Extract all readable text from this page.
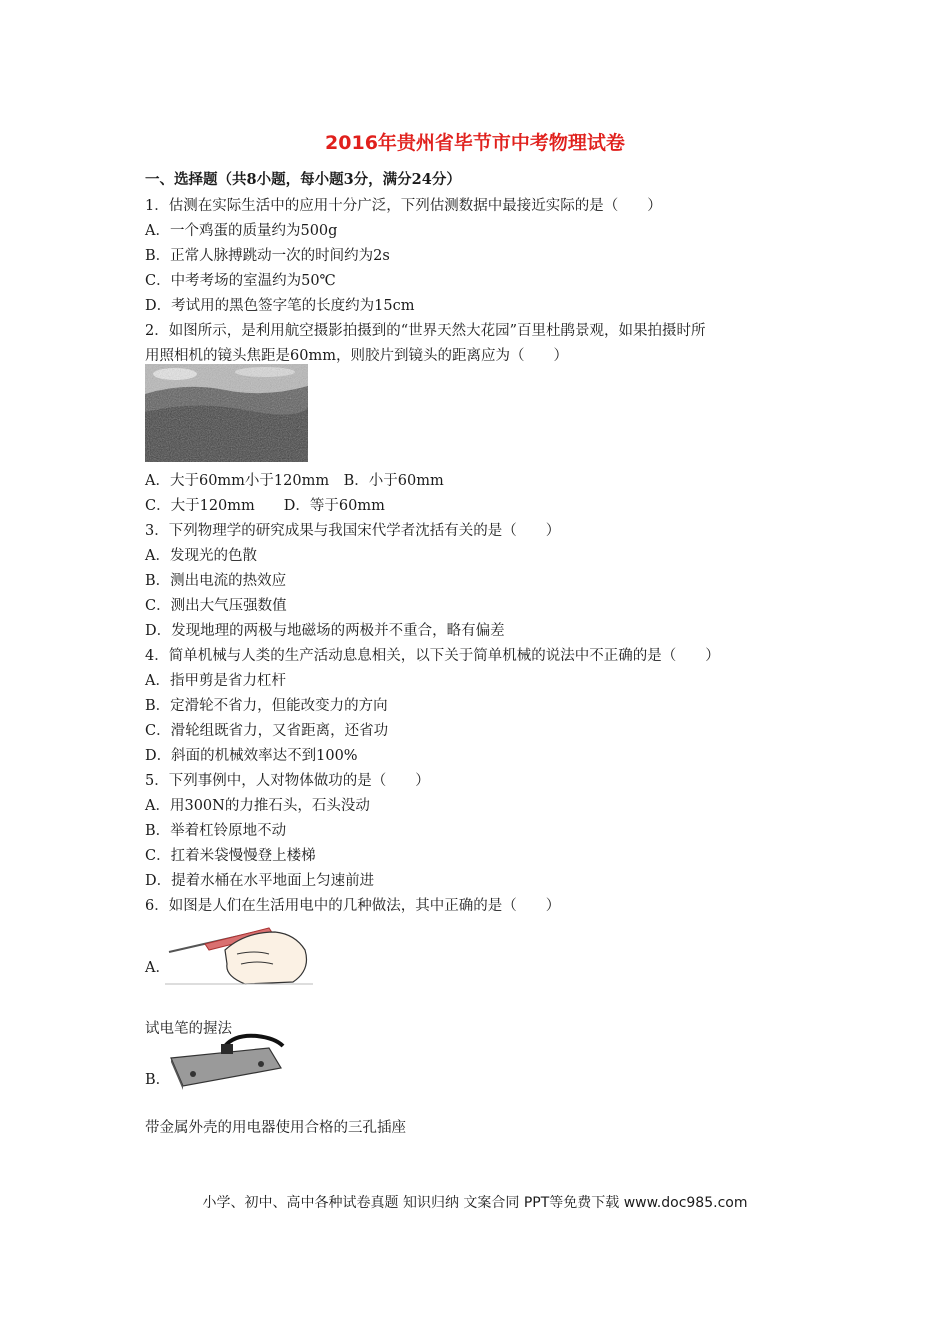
2016年贵州省毕节市中考物理试卷
一、选择题（共8小题，每小题3分，满分24分）
1．估测在实际生活中的应用十分广泛，下列估测数据中最接近实际的是（　　）
A．一个鸡蛋的质量约为500g
B．正常人脉搏跳动一次的时间约为2s
C．中考考场的室温约为50℃
D．考试用的黑色签字笔的长度约为15cm
2．如图所示，是利用航空摄影拍摄到的“世界天然大花园”百里杜鹃景观，如果拍摄时所
用照相机的镜头焦距是60mm，则胶片到镜头的距离应为（　　）
A．大于60mm小于120mm　B．小于60mm
C．大于120mm　　D．等于60mm
3．下列物理学的研究成果与我国宋代学者沈括有关的是（　　）
A．发现光的色散
B．测出电流的热效应
C．测出大气压强数值
D．发现地理的两极与地磁场的两极并不重合，略有偏差
4．简单机械与人类的生产活动息息相关，以下关于简单机械的说法中不正确的是（　　）
A．指甲剪是省力杠杆
B．定滑轮不省力，但能改变力的方向
C．滑轮组既省力，又省距离，还省功
D．斜面的机械效率达不到100%
5．下列事例中，人对物体做功的是（　　）
A．用300N的力推石头，石头没动
B．举着杠铃原地不动
C．扛着米袋慢慢登上楼梯
D．提着水桶在水平地面上匀速前进
6．如图是人们在生活用电中的几种做法，其中正确的是（　　）
A．
试电笔的握法
B．
带金属外壳的用电器使用合格的三孔插座
小学、初中、高中各种试卷真题 知识归纳 文案合同 PPT等免费下载 www.doc985.com
